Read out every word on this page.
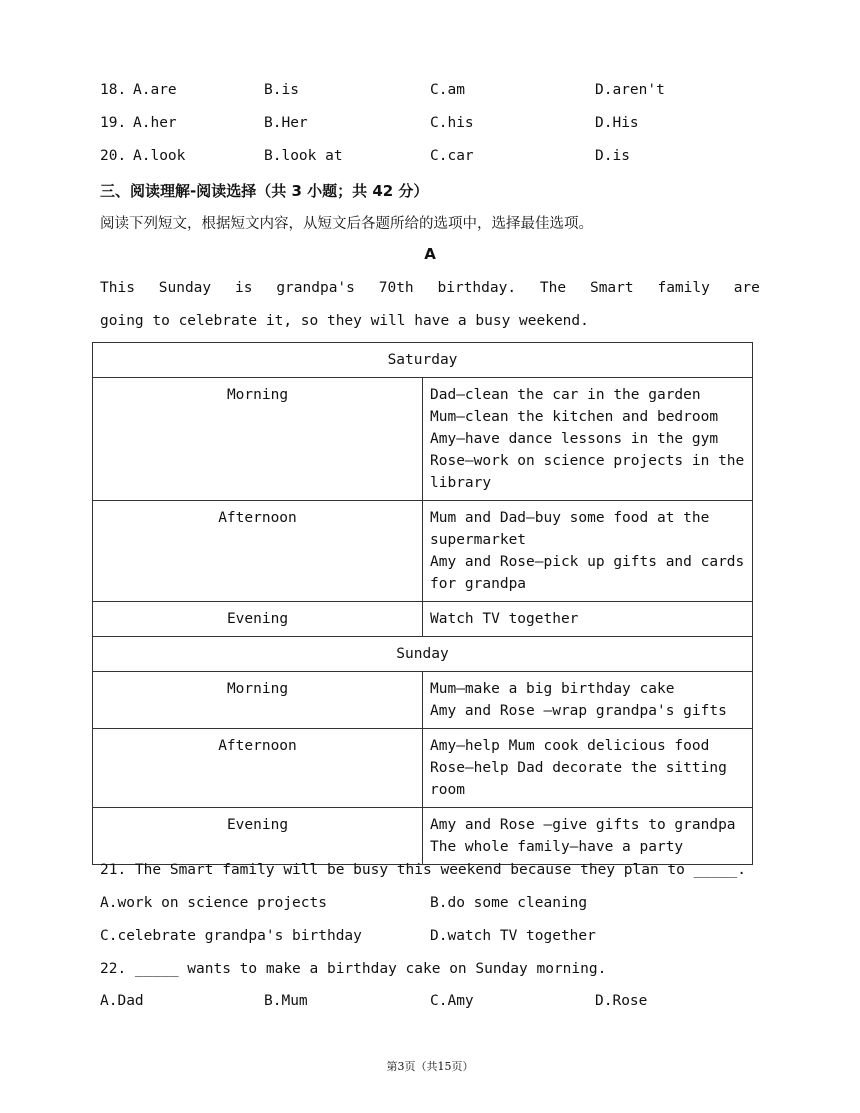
18. A.are	B.is	C.am	D.aren't
19. A.her	B.Her	C.his	D.His
20. A.look	B.look at	C.car	D.is
三、阅读理解-阅读选择（共 3 小题；共 42 分）
阅读下列短文，根据短文内容，从短文后各题所给的选项中，选择最佳选项。
A
This Sunday is grandpa's 70th birthday. The Smart family are
going to celebrate it, so they will have a busy weekend.
Saturday	
Morning	Dad—clean the car in the garden
Mum—clean the kitchen and bedroom
Amy—have dance lessons in the gym
Rose—work on science projects in the library

Afternoon	Mum and Dad—buy some food at the supermarket
Amy and Rose—pick up gifts and cards for grandpa

Evening	Watch TV together

Sunday	
Morning	Mum—make a big birthday cake
Amy and Rose —wrap grandpa's gifts

Afternoon	Amy—help Mum cook delicious food
Rose—help Dad decorate the sitting room

Evening	Amy and Rose —give gifts to grandpa
The whole family—have a party
21. The Smart family will be busy this weekend because they plan to _____.
A.work on science projects	B.do some cleaning
C.celebrate grandpa's birthday	D.watch TV together
22. _____ wants to make a birthday cake on Sunday morning.
A.Dad	B.Mum	C.Amy	D.Rose
第3页（共15页）
